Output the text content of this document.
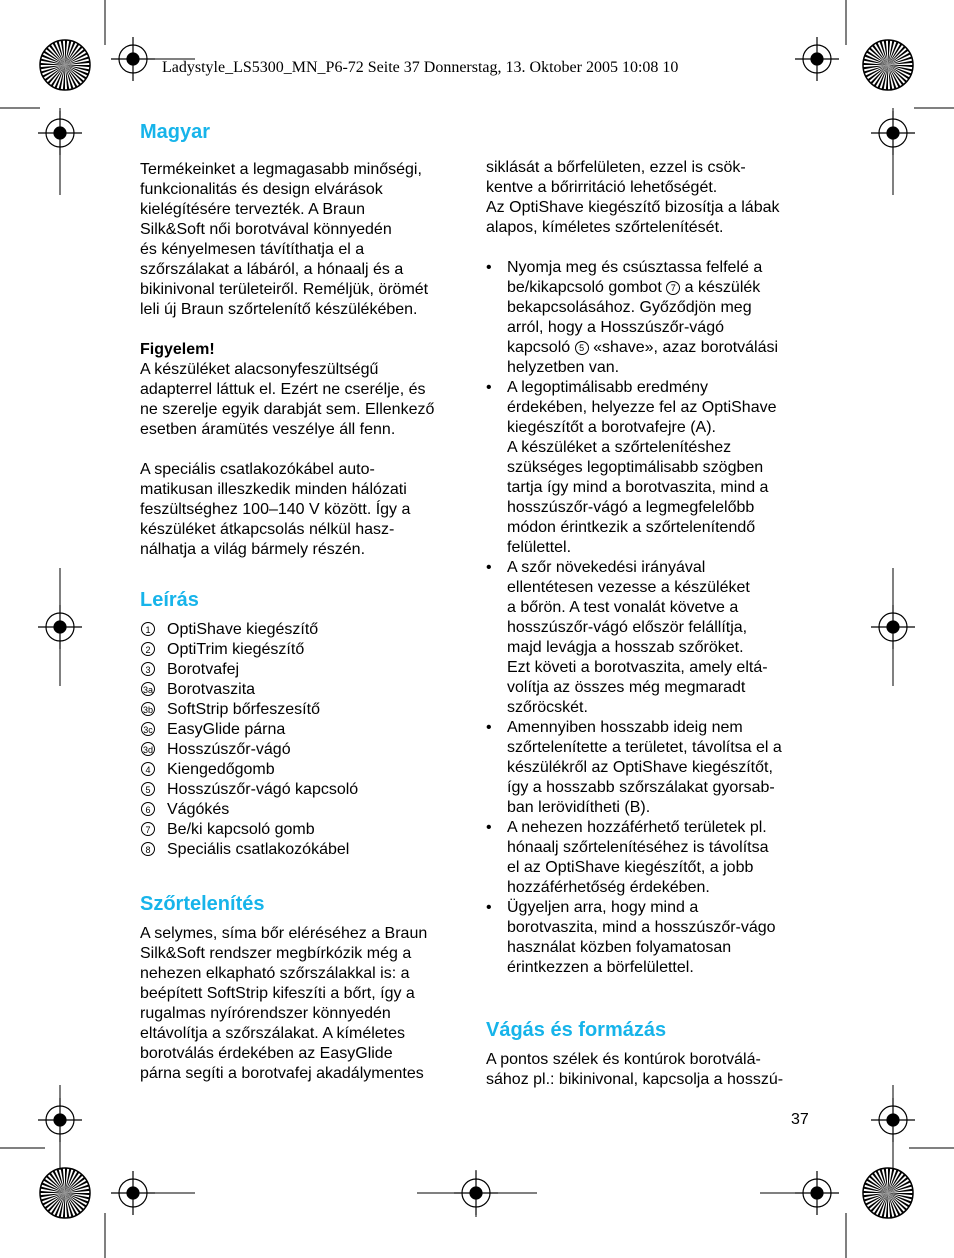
Ladystyle_LS5300_MN_P6-72 Seite 37 Donnerstag, 13. Oktober 2005 10:08 10
Magyar

Termékeinket a legmagasabb minőségi,
funkcionalitás és design elvárások
kielégítésére tervezték. A Braun
Silk&Soft női borotvával könnyedén
és kényelmesen távítíthatja el a
szőrszálakat a lábáról, a hónaalj és a
bikinivonal területeiről. Reméljük, örömét
leli új Braun szőrtelenítő készülékében.

Figyelem!
A készüléket alacsonyfeszültségű
adapterrel láttuk el. Ezért ne cserélje, és
ne szerelje egyik darabját sem. Ellenkező
esetben áramütés veszélye áll fenn.

A speciális csatlakozókábel auto-
matikusan illeszkedik minden hálózati
feszültséghez 100–140 V között. Így a
készüléket átkapcsolás nélkül hasz-
nálhatja a világ bármely részén.

Leírás
1 OptiShave kiegészítő
2 OptiTrim kiegészítő
3 Borotvafej
3a Borotvaszita
3b SoftStrip bőrfeszesítő
3c EasyGlide párna
3d Hosszúszőr-vágó
4 Kiengedőgomb
5 Hosszúszőr-vágó kapcsoló
6 Vágókés
7 Be/ki kapcsoló gomb
8 Speciális csatlakozókábel
Szőrtelenítés

A selymes, síma bőr eléréséhez a Braun
Silk&Soft rendszer megbírkózik még a
nehezen elkapható szőrszálakkal is: a
beépített SoftStrip kifeszíti a bőrt, így a
rugalmas nyírórendszer könnyedén
eltávolítja a szőrszálakat. A kíméletes
borotválás érdekében az EasyGlide
párna segíti a borotvafej akadálymentes

siklását a bőrfelületen, ezzel is csök-
kentve a bőrirritáció lehetőségét.
Az OptiShave kiegészítő bizosítja a lábak
alapos, kíméletes szőrtelenítését.

• Nyomja meg és csúsztassa felfelé a
be/kikapcsoló gombot 7 a készülék
bekapcsolásához. Győződjön meg
arról, hogy a Hosszúszőr-vágó
kapcsoló 5 «shave», azaz borotválási
helyzetben van.
• A legoptimálisabb eredmény
érdekében, helyezze fel az OptiShave
kiegészítőt a borotvafejre (A).
A készüléket a szőrtelenítéshez
szükséges legoptimálisabb szögben
tartja így mind a borotvaszita, mind a
hosszúszőr-vágó a legmegfelelőbb
módon érintkezik a szőrtelenítendő
felülettel.
• A szőr növekedési irányával
ellentétesen vezesse a készüléket
a bőrön. A test vonalát követve a
hosszúszőr-vágó először felállítja,
majd levágja a hosszab szőröket.
Ezt követi a borotvaszita, amely eltá-
volítja az összes még megmaradt
szőröcskét.
• Amennyiben hosszabb ideig nem
szőrtelenítette a területet, távolítsa el a
készülékről az OptiShave kiegészítőt,
így a hosszabb szőrszálakat gyorsab-
ban lerövidítheti (B).
• A nehezen hozzáférhető területek pl.
hónaalj szőrtelenítéséhez is távolítsa
el az OptiShave kiegészítőt, a jobb
hozzáférhetőség érdekében.
• Ügyeljen arra, hogy mind a
borotvaszita, mind a hosszúszőr-vágo
használat közben folyamatosan
érintkezzen a börfelülettel.
Vágás és formázás

A pontos szélek és kontúrok borotválá-
sához pl.: bikinivonal, kapcsolja a hosszú-

37
